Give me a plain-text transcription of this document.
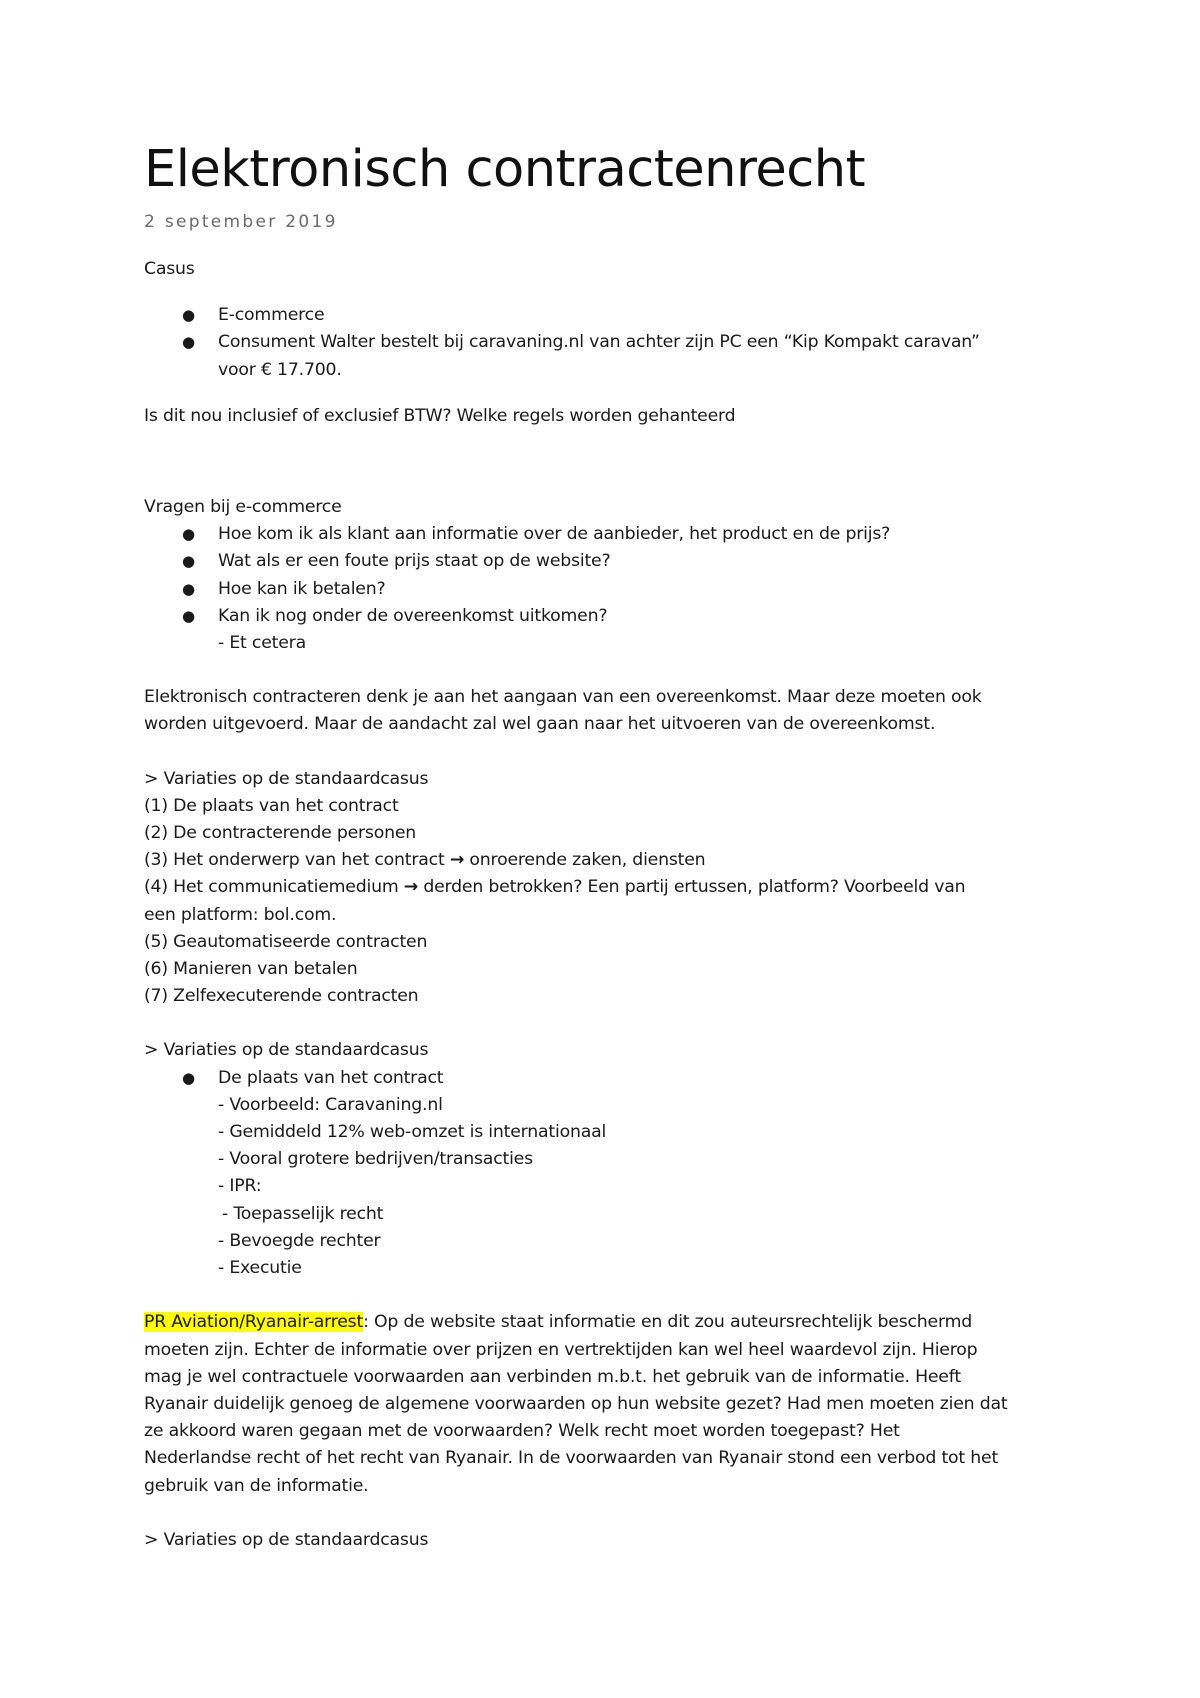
Elektronisch contractenrecht
2 september 2019

Casus

● E-commerce
● Consument Walter bestelt bij caravaning.nl van achter zijn PC een “Kip Kompakt caravan”
voor € 17.700.

Is dit nou inclusief of exclusief BTW? Welke regels worden gehanteerd

Vragen bij e-commerce

● Hoe kom ik als klant aan informatie over de aanbieder, het product en de prijs?
● Wat als er een foute prijs staat op de website?
● Hoe kan ik betalen?
● Kan ik nog onder de overeenkomst uitkomen?

- Et cetera

Elektronisch contracteren denk je aan het aangaan van een overeenkomst. Maar deze moeten ook

worden uitgevoerd. Maar de aandacht zal wel gaan naar het uitvoeren van de overeenkomst.

> Variaties op de standaardcasus

(1) De plaats van het contract

(2) De contracterende personen

(3) Het onderwerp van het contract → onroerende zaken, diensten

(4) Het communicatiemedium → derden betrokken? Een partij ertussen, platform? Voorbeeld van
een platform: bol.com.

(5) Geautomatiseerde contracten

(6) Manieren van betalen

(7) Zelfexecuterende contracten

> Variaties op de standaardcasus

● De plaats van het contract

- Voorbeeld: Caravaning.nl

- Gemiddeld 12% web-omzet is internationaal

- Vooral grotere bedrijven/transacties

- IPR:

- Toepasselijk recht

- Bevoegde rechter

- Executie

PR Aviation/Ryanair-arrest: Op de website staat informatie en dit zou auteursrechtelijk beschermd
moeten zijn. Echter de informatie over prijzen en vertrektijden kan wel heel waardevol zijn. Hierop
mag je wel contractuele voorwaarden aan verbinden m.b.t. het gebruik van de informatie. Heeft
Ryanair duidelijk genoeg de algemene voorwaarden op hun website gezet? Had men moeten zien dat
ze akkoord waren gegaan met de voorwaarden? Welk recht moet worden toegepast? Het
Nederlandse recht of het recht van Ryanair. In de voorwaarden van Ryanair stond een verbod tot het
gebruik van de informatie.

> Variaties op de standaardcasus
